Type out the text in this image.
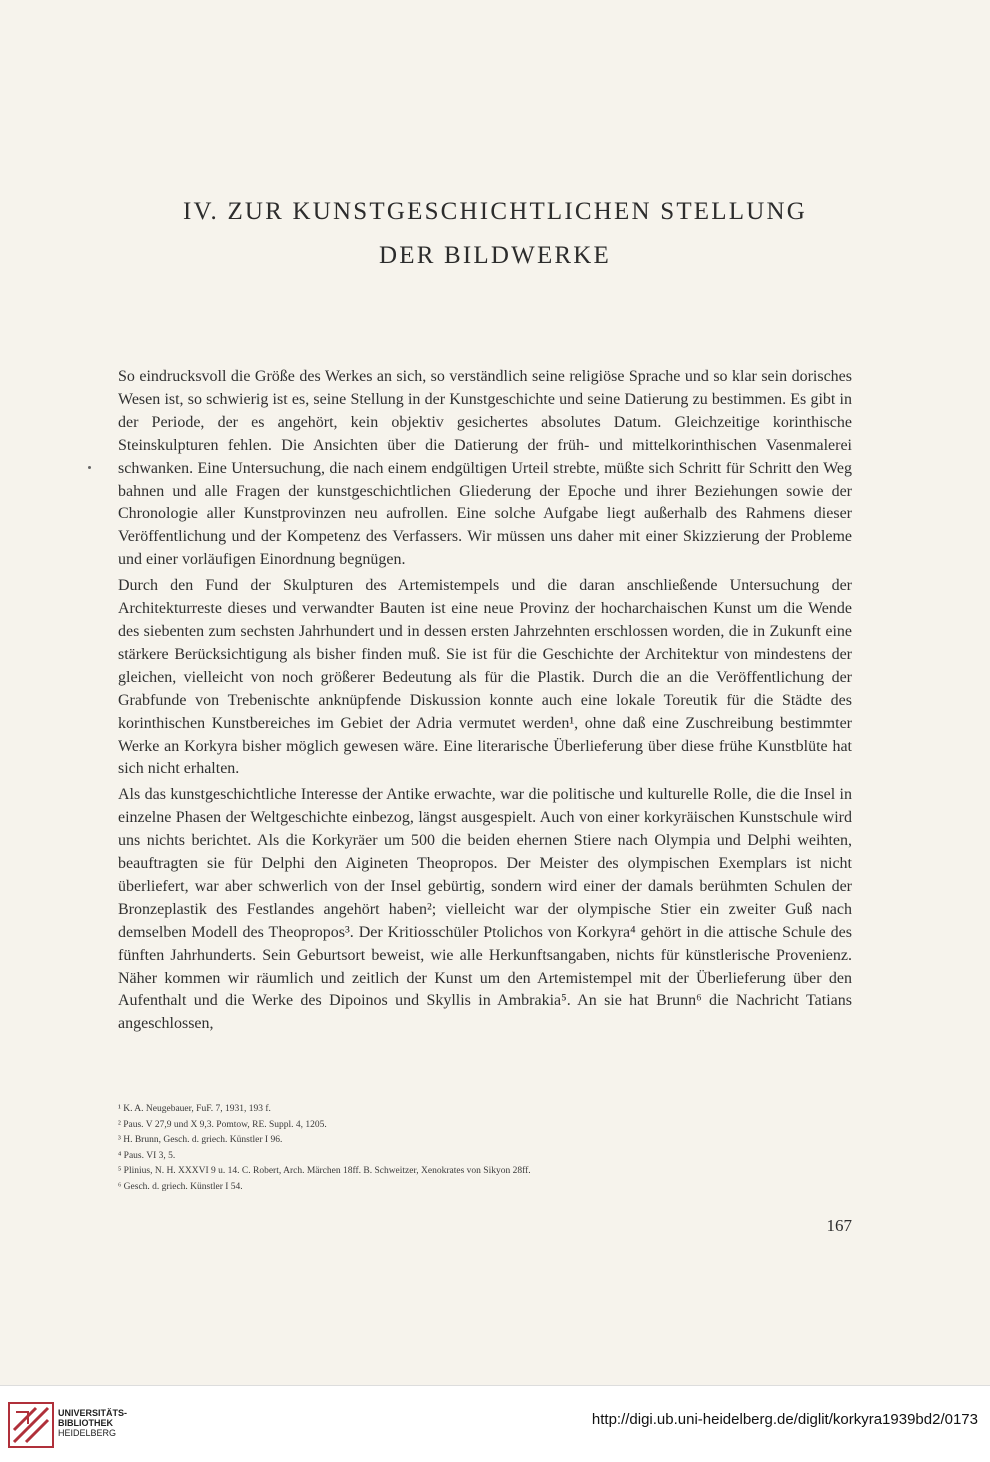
IV. ZUR KUNSTGESCHICHTLICHEN STELLUNG
DER BILDWERKE

So eindrucksvoll die Größe des Werkes an sich, so verständlich seine religiöse Sprache und so klar sein dorisches Wesen ist, so schwierig ist es, seine Stellung in der Kunstgeschichte und seine Datierung zu bestimmen. Es gibt in der Periode, der es angehört, kein objektiv gesichertes absolutes Datum. Gleichzeitige korinthische Steinskulpturen fehlen. Die Ansichten über die Datierung der früh- und mittelkorinthischen Vasenmalerei schwanken. Eine Untersuchung, die nach einem endgültigen Urteil strebte, müßte sich Schritt für Schritt den Weg bahnen und alle Fragen der kunstgeschichtlichen Gliederung der Epoche und ihrer Beziehungen sowie der Chronologie aller Kunstprovinzen neu aufrollen. Eine solche Aufgabe liegt außerhalb des Rahmens dieser Veröffentlichung und der Kompetenz des Verfassers. Wir müssen uns daher mit einer Skizzierung der Probleme und einer vorläufigen Einordnung begnügen.

Durch den Fund der Skulpturen des Artemistempels und die daran anschließende Untersuchung der Architekturreste dieses und verwandter Bauten ist eine neue Provinz der hocharchaischen Kunst um die Wende des siebenten zum sechsten Jahrhundert und in dessen ersten Jahrzehnten erschlossen worden, die in Zukunft eine stärkere Berücksichtigung als bisher finden muß. Sie ist für die Geschichte der Architektur von mindestens der gleichen, vielleicht von noch größerer Bedeutung als für die Plastik. Durch die an die Veröffentlichung der Grabfunde von Trebenischte anknüpfende Diskussion konnte auch eine lokale Toreutik für die Städte des korinthischen Kunstbereiches im Gebiet der Adria vermutet werden¹, ohne daß eine Zuschreibung bestimmter Werke an Korkyra bisher möglich gewesen wäre. Eine literarische Überlieferung über diese frühe Kunstblüte hat sich nicht erhalten.

Als das kunstgeschichtliche Interesse der Antike erwachte, war die politische und kulturelle Rolle, die die Insel in einzelne Phasen der Weltgeschichte einbezog, längst ausgespielt. Auch von einer korkyräischen Kunstschule wird uns nichts berichtet. Als die Korkyräer um 500 die beiden ehernen Stiere nach Olympia und Delphi weihten, beauftragten sie für Delphi den Aigineten Theopropos. Der Meister des olympischen Exemplars ist nicht überliefert, war aber schwerlich von der Insel gebürtig, sondern wird einer der damals berühmten Schulen der Bronzeplastik des Festlandes angehört haben²; vielleicht war der olympische Stier ein zweiter Guß nach demselben Modell des Theopropos³. Der Kritiosschüler Ptolichos von Korkyra⁴ gehört in die attische Schule des fünften Jahrhunderts. Sein Geburtsort beweist, wie alle Herkunftsangaben, nichts für künstlerische Provenienz. Näher kommen wir räumlich und zeitlich der Kunst um den Artemistempel mit der Überlieferung über den Aufenthalt und die Werke des Dipoinos und Skyllis in Ambrakia⁵. An sie hat Brunn⁶ die Nachricht Tatians angeschlossen,

¹ K. A. Neugebauer, FuF. 7, 1931, 193 f.
² Paus. V 27,9 und X 9,3. Pomtow, RE. Suppl. 4, 1205.
³ H. Brunn, Gesch. d. griech. Künstler I 96.
⁴ Paus. VI 3, 5.
⁵ Plinius, N. H. XXXVI 9 u. 14. C. Robert, Arch. Märchen 18ff. B. Schweitzer, Xenokrates von Sikyon 28ff.
⁶ Gesch. d. griech. Künstler I 54.
167
UNIVERSITÄTS-
BIBLIOTHEK
HEIDELBERG
http://digi.ub.uni-heidelberg.de/diglit/korkyra1939bd2/0173
